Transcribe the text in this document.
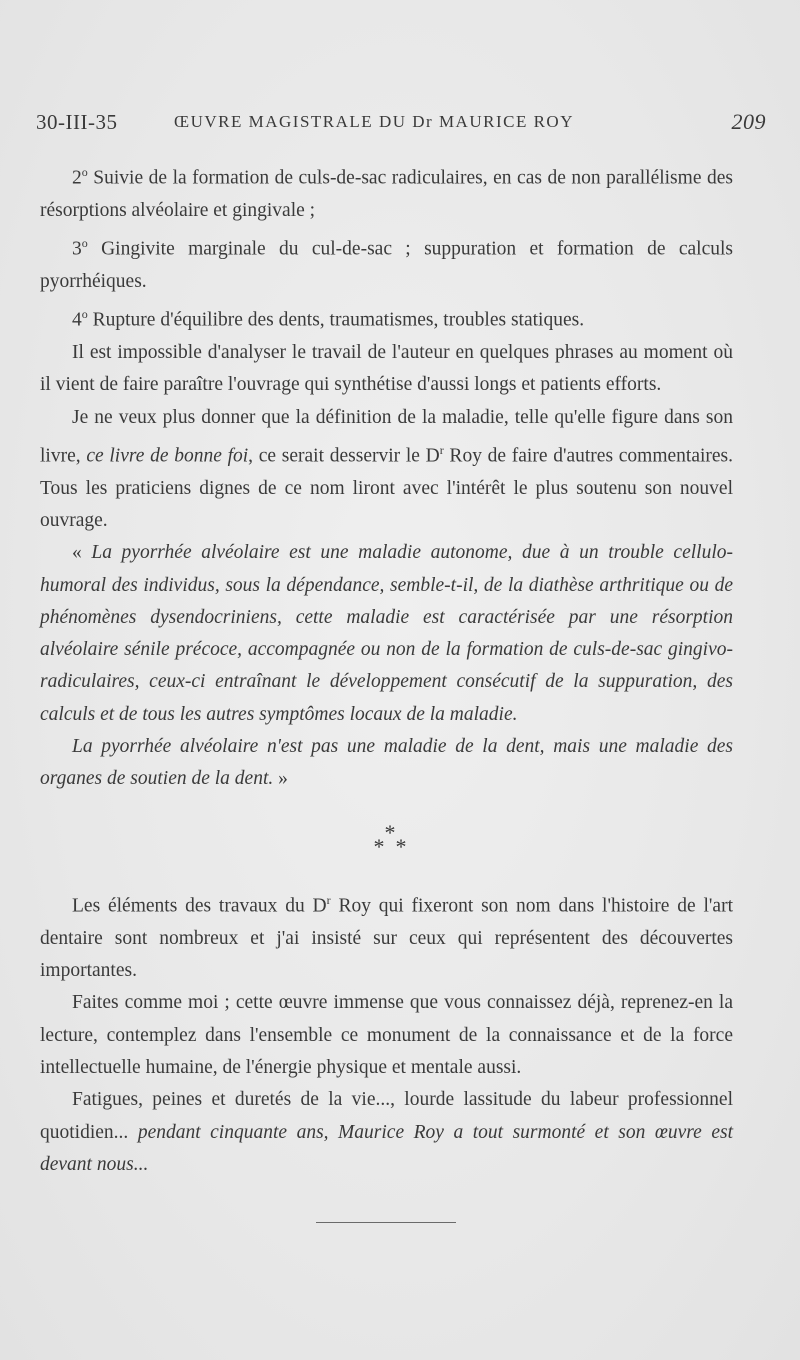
30-III-35	ŒUVRE MAGISTRALE DU Dr MAURICE ROY	209

2$^o$ Suivie de la formation de culs-de-sac radiculaires, en cas de non parallélisme des résorptions alvéolaire et gingivale ;

3$^o$ Gingivite marginale du cul-de-sac ; suppuration et formation de calculs pyorrhéiques.

4$^o$ Rupture d'équilibre des dents, traumatismes, troubles statiques.

Il est impossible d'analyser le travail de l'auteur en quelques phrases au moment où il vient de faire paraître l'ouvrage qui synthétise d'aussi longs et patients efforts.

Je ne veux plus donner que la définition de la maladie, telle qu'elle figure dans son livre, ce livre de bonne foi, ce serait desservir le $D^r$ Roy de faire d'autres commentaires. Tous les praticiens dignes de ce nom liront avec l'intérêt le plus soutenu son nouvel ouvrage.

« La pyorrhée alvéolaire est une maladie autonome, due à un trouble cellulo-humoral des individus, sous la dépendance, semble-t-il, de la diathèse arthritique ou de phénomènes dysendocriniens, cette maladie est caractérisée par une résorption alvéolaire sénile précoce, accompagnée ou non de la formation de culs-de-sac gingivo-radiculaires, ceux-ci entraînant le développement consécutif de la suppuration, des calculs et de tous les autres symptômes locaux de la maladie.

La pyorrhée alvéolaire n'est pas une maladie de la dent, mais une maladie des organes de soutien de la dent. »

*
* *

Les éléments des travaux du $D^r$ Roy qui fixeront son nom dans l'histoire de l'art dentaire sont nombreux et j'ai insisté sur ceux qui représentent des découvertes importantes.

Faites comme moi ; cette œuvre immense que vous connaissez déjà, reprenez-en la lecture, contemplez dans l'ensemble ce monument de la connaissance et de la force intellectuelle humaine, de l'énergie physique et mentale aussi.

Fatigues, peines et duretés de la vie..., lourde lassitude du labeur professionnel quotidien... pendant cinquante ans, Maurice Roy a tout surmonté et son œuvre est devant nous...
